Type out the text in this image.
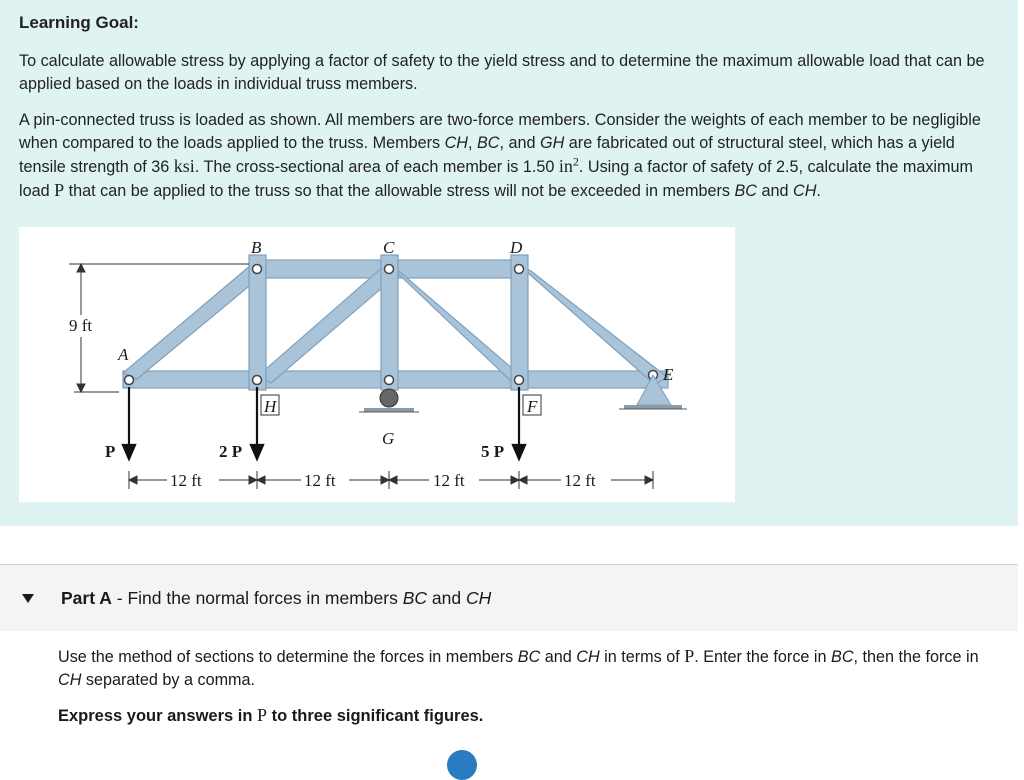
Learning Goal:
To calculate allowable stress by applying a factor of safety to the yield stress and to determine the maximum allowable load that can be applied based on the loads in individual truss members.
A pin-connected truss is loaded as shown. All members are two-force members. Consider the weights of each member to be negligible when compared to the loads applied to the truss. Members CH, BC, and GH are fabricated out of structural steel, which has a yield tensile strength of 36 ksi. The cross-sectional area of each member is 1.50 $in^2$. Using a factor of safety of 2.5, calculate the maximum load P that can be applied to the truss so that the allowable stress will not be exceeded in members BC and CH.
9 ft
P	2 P	5 P
B	C	D
A
E
H
G
F
12 ft	12 ft	12 ft	12 ft
Part A - Find the normal forces in members BC and CH
Use the method of sections to determine the forces in members BC and CH in terms of P. Enter the force in BC, then the force in CH separated by a comma.
Express your answers in P to three significant figures.
